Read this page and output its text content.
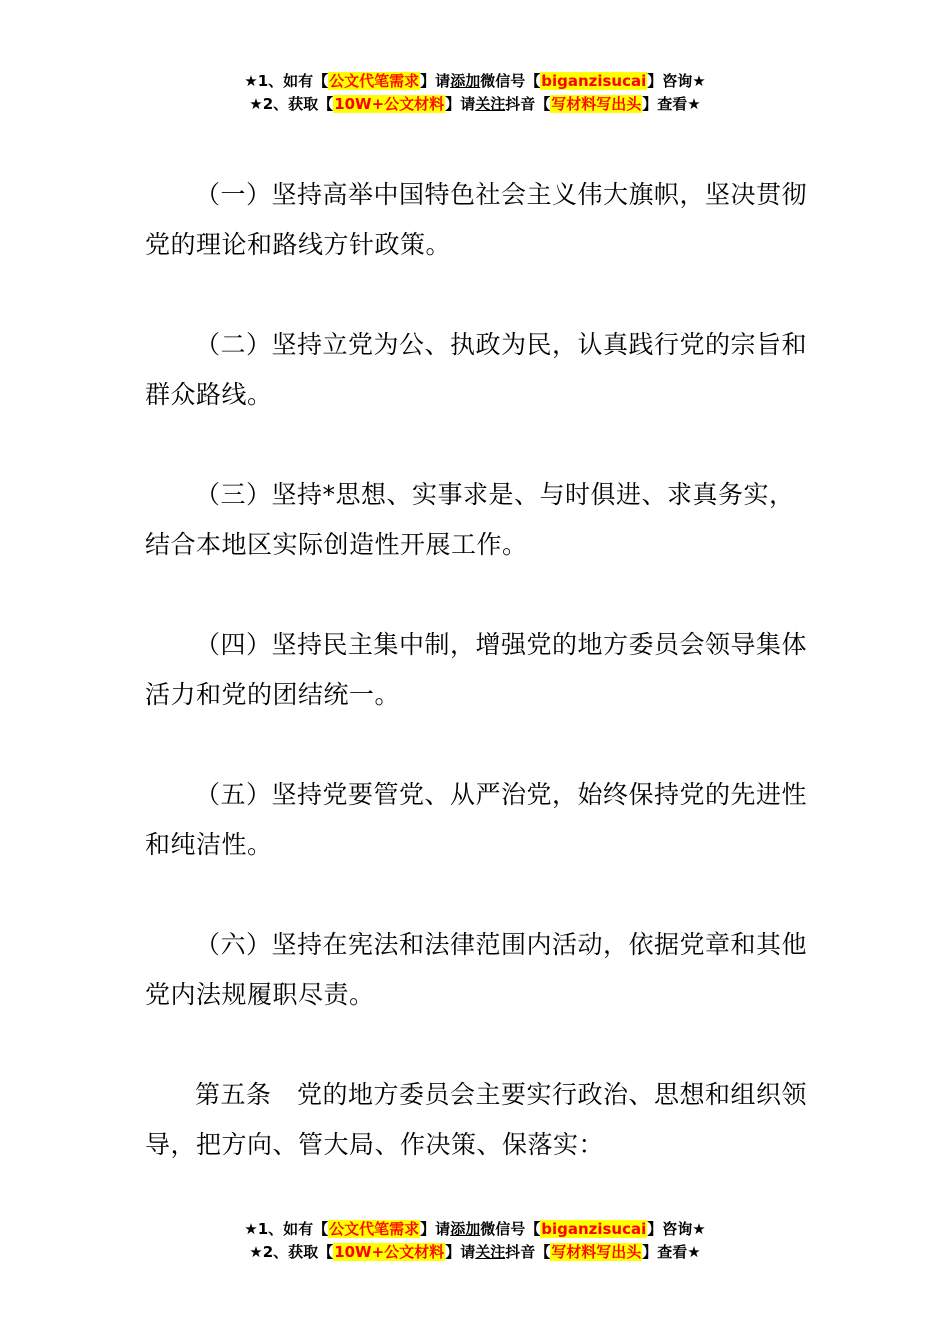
★1、如有【公文代笔需求】请添加微信号【biganzisucai】咨询★
★2、获取【10W+公文材料】请关注抖音【写材料写出头】查看★

（一）坚持高举中国特色社会主义伟大旗帜，坚决贯彻党的理论和路线方针政策。

（二）坚持立党为公、执政为民，认真践行党的宗旨和群众路线。

（三）坚持*思想、实事求是、与时俱进、求真务实，结合本地区实际创造性开展工作。

（四）坚持民主集中制，增强党的地方委员会领导集体活力和党的团结统一。

（五）坚持党要管党、从严治党，始终保持党的先进性和纯洁性。

（六）坚持在宪法和法律范围内活动，依据党章和其他党内法规履职尽责。

第五条　党的地方委员会主要实行政治、思想和组织领导，把方向、管大局、作决策、保落实：

★1、如有【公文代笔需求】请添加微信号【biganzisucai】咨询★
★2、获取【10W+公文材料】请关注抖音【写材料写出头】查看★
